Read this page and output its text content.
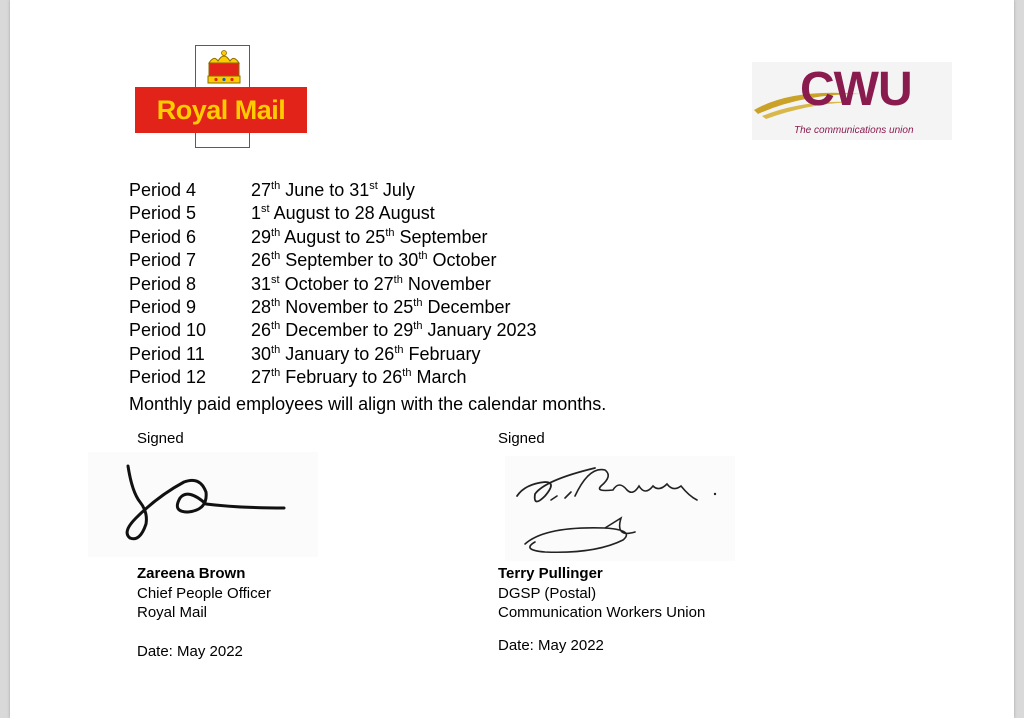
Royal Mail	CWU
The communications union
Period 4	27th June to 31st July
Period 5	1st August to 28 August
Period 6	29th August to 25th September
Period 7	26th September to 30th October
Period 8	31st October to 27th November
Period 9	28th November to 25th December
Period 10	26th December to 29th January 2023
Period 11	30th January to 26th February
Period 12	27th February to 26th March
Monthly paid employees will align with the calendar months.
Signed
Zareena Brown
Chief People Officer
Royal Mail
Date: May 2022
Signed
Terry Pullinger
DGSP (Postal)
Communication Workers Union
Date: May 2022
